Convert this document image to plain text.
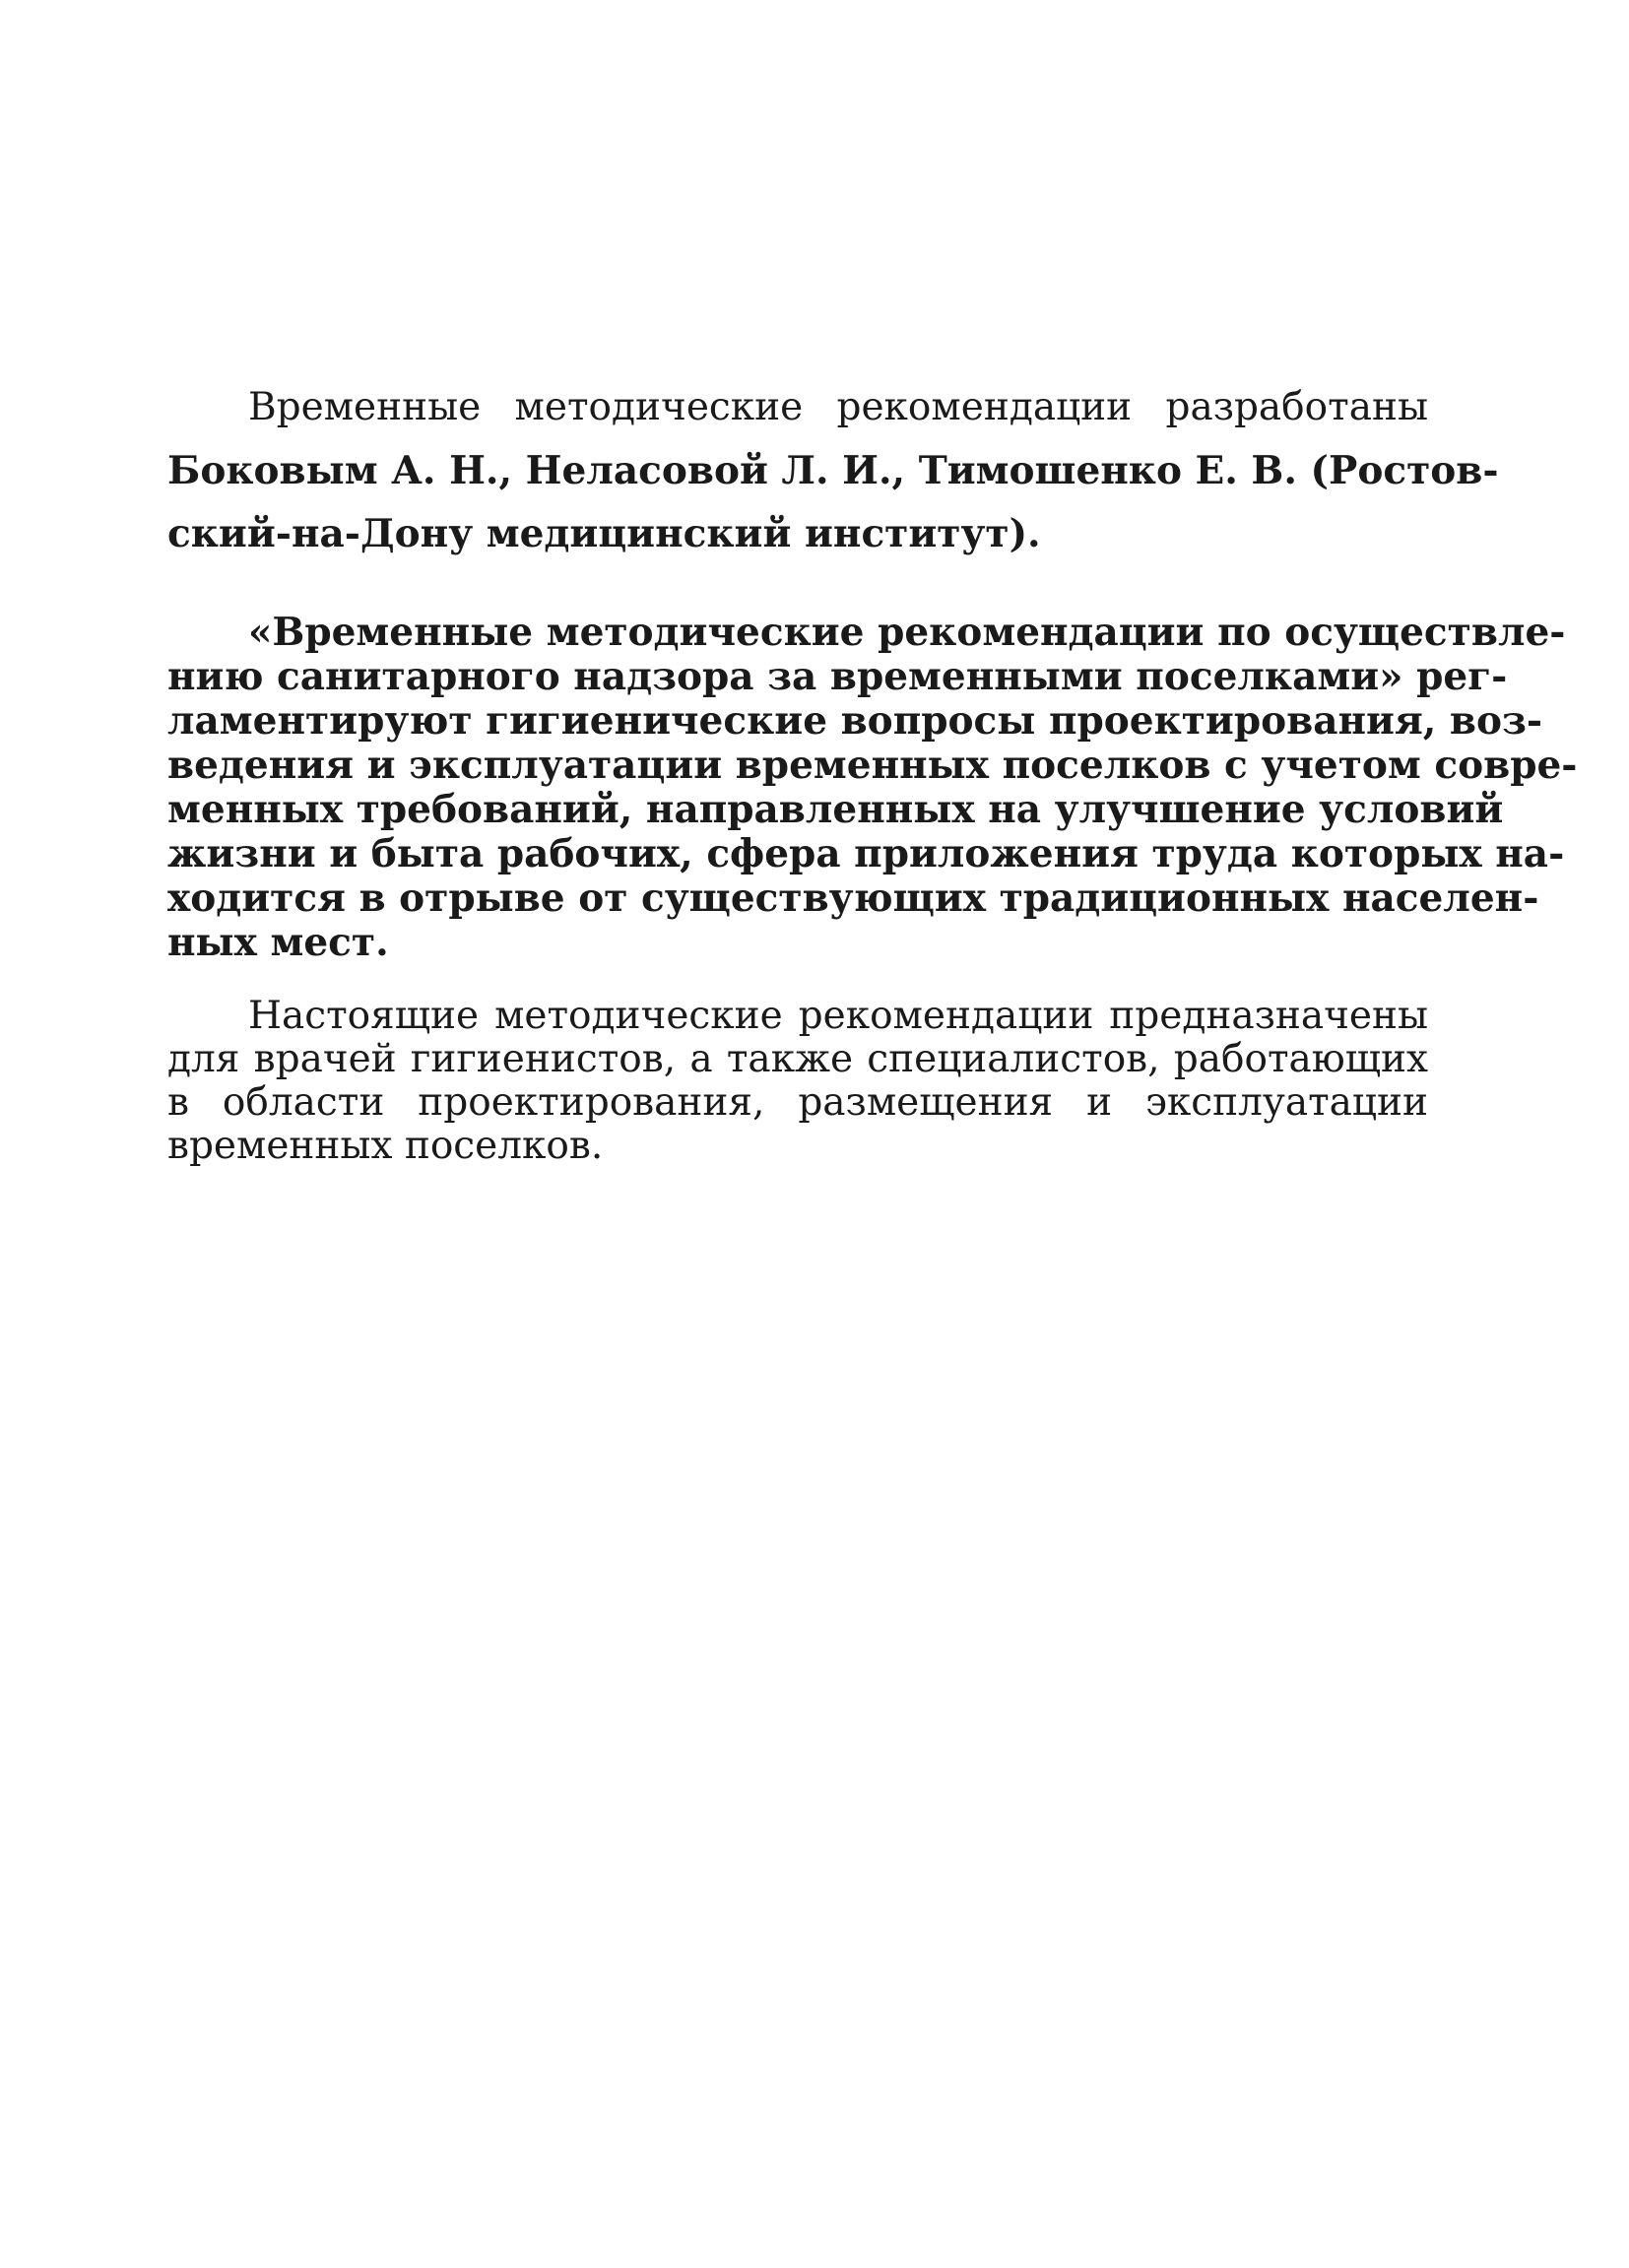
Временные методические рекомендации разработаны
Боковым А. Н., Неласовой Л. И., Тимошенко Е. В. (Ростов-
ский-на-Дону медицинский институт).
«Временные методические рекомендации по осуществле-
нию санитарного надзора за временными поселками» рег-
ламентируют гигиенические вопросы проектирования, воз-
ведения и эксплуатации временных поселков с учетом совре-
менных требований, направленных на улучшение условий
жизни и быта рабочих, сфера приложения труда которых на-
ходится в отрыве от существующих традиционных населен-
ных мест.
Настоящие методические рекомендации предназначены
для врачей гигиенистов, а также специалистов, работающих
в области проектирования, размещения и эксплуатации
временных поселков.
